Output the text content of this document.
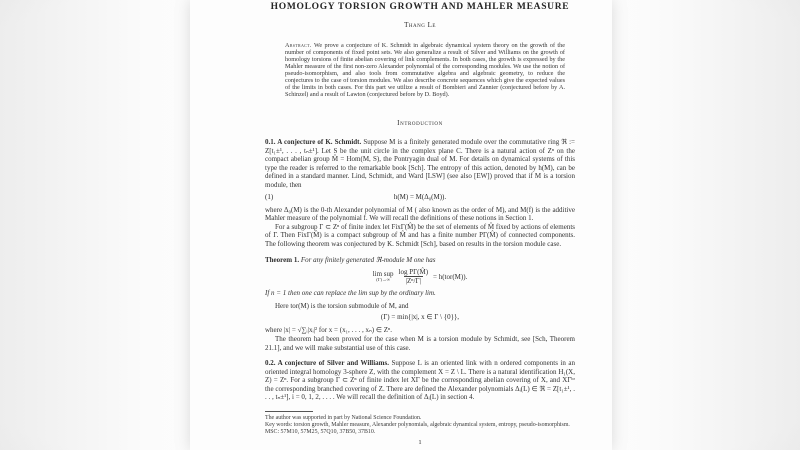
HOMOLOGY TORSION GROWTH AND MAHLER MEASURE
Thang Le
Abstract. We prove a conjecture of K. Schmidt in algebraic dynamical system theory on the growth of the number of components of fixed point sets. We also generalize a result of Silver and Williams on the growth of homology torsions of finite abelian covering of link complements. In both cases, the growth is expressed by the Mahler measure of the first non-zero Alexander polynomial of the corresponding modules. We use the notion of pseudo-isomorphism, and also tools from commutative algebra and algebraic geometry, to reduce the conjectures to the case of torsion modules. We also describe concrete sequences which give the expected values of the limits in both cases. For this part we utilize a result of Bombieri and Zannier (conjectured before by A. Schinzel) and a result of Lawton (conjectured before by D. Boyd).
Introduction
0.1. A conjecture of K. Schmidt. Suppose M is a finitely generated module over the commutative ring ℜ := Z[t₁±¹, . . . , tₙ±¹]. Let S be the unit circle in the complex plane C. There is a natural action of Zⁿ on the compact abelian group M̂ = Hom(M, S), the Pontryagin dual of M. For details on dynamical systems of this type the reader is referred to the remarkable book [Sch]. The entropy of this action, denoted by h(M), can be defined in a standard manner. Lind, Schmidt, and Ward [LSW] (see also [EW]) proved that if M is a torsion module, then
(1)	h(M) = M(Δ₀(M)).
where Δ₀(M) is the 0-th Alexander polynomial of M ( also known as the order of M), and M(f) is the additive Mahler measure of the polynomial f. We will recall the definitions of these notions in Section 1.
For a subgroup Γ ⊂ Zⁿ of finite index let FixΓ(M̂) be the set of elements of M̂ fixed by actions of elements of Γ. Then FixΓ(M̂) is a compact subgroup of M̂ and has a finite number PΓ(M̂) of connected components. The following theorem was conjectured by K. Schmidt [Sch], based on results in the torsion module case.
Theorem 1. For any finitely generated ℜ-module M one has
lim sup
$(\Gamma)\to\infty \frac{\text{log PΓ(M̂)}}{\text{|Zⁿ/Γ|}} = h(tor(M))$.
If n = 1 then one can replace the lim sup by the ordinary lim.
Here tor(M) is the torsion submodule of M, and
(Γ) = min{|x|, x ∈ Γ \ {0}},
where |x| = √∑ᵢ|xᵢ|² for x = (x₁, . . . , xₙ) ∈ Zⁿ.
The theorem had been proved for the case when M is a torsion module by Schmidt, see [Sch, Theorem 21.1], and we will make substantial use of this case.
0.2. A conjecture of Silver and Williams. Suppose L is an oriented link with n ordered components in an oriented integral homology 3-sphere Z, with the complement X = Z \ L. There is a natural identification H₁(X, Z) = Zⁿ. For a subgroup Γ ⊂ Zⁿ of finite index let XΓ be the corresponding abelian covering of X, and XΓᵇʳ the corresponding branched covering of Z. There are defined the Alexander polynomials Δᵢ(L) ∈ ℜ = Z[t₁±¹, . . . , tₙ±¹], i = 0, 1, 2, . . . . We will recall the definition of Δᵢ(L) in section 4.
The author was supported in part by National Science Foundation.
Key words: torsion growth, Mahler measure, Alexander polynomials, algebraic dynamical system, entropy, pseudo-isomorphism.
MSC: 57M10, 57M25, 57Q10, 37B50, 37B10.
1
